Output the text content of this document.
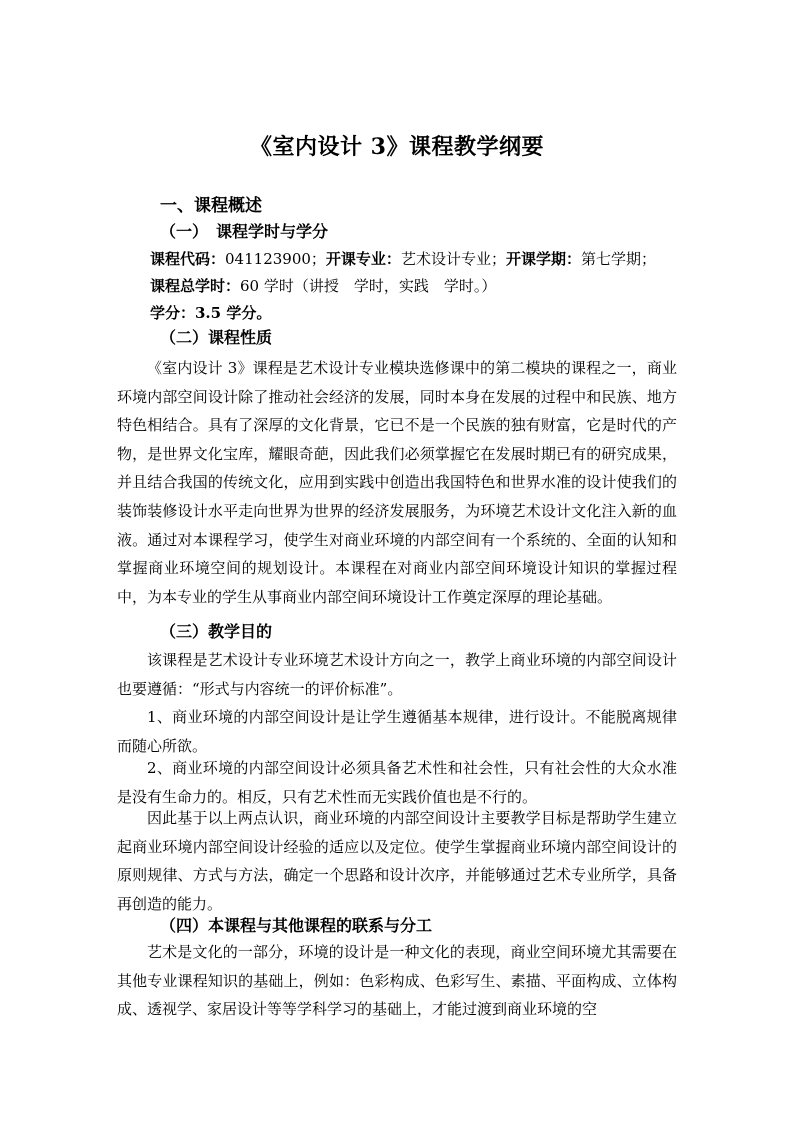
《室内设计 3》课程教学纲要
一、课程概述
（一）　课程学时与学分
课程代码：041123900；开课专业：艺术设计专业；开课学期：第七学期；
课程总学时：60 学时（讲授　学时，实践　学时。）
学分：3.5 学分。
（二）课程性质

《室内设计 3》课程是艺术设计专业模块选修课中的第二模块的课程之一，商业环境内部空间设计除了推动社会经济的发展，同时本身在发展的过程中和民族、地方特色相结合。具有了深厚的文化背景，它已不是一个民族的独有财富，它是时代的产物，是世界文化宝库，耀眼奇葩，因此我们必须掌握它在发展时期已有的研究成果，并且结合我国的传统文化，应用到实践中创造出我国特色和世界水准的设计使我们的装饰装修设计水平走向世界为世界的经济发展服务，为环境艺术设计文化注入新的血液。通过对本课程学习，使学生对商业环境的内部空间有一个系统的、全面的认知和掌握商业环境空间的规划设计。本课程在对商业内部空间环境设计知识的掌握过程中，为本专业的学生从事商业内部空间环境设计工作奠定深厚的理论基础。

（三）教学目的

该课程是艺术设计专业环境艺术设计方向之一，教学上商业环境的内部空间设计也要遵循：“形式与内容统一的评价标准”。

1、商业环境的内部空间设计是让学生遵循基本规律，进行设计。不能脱离规律而随心所欲。

2、商业环境的内部空间设计必须具备艺术性和社会性，只有社会性的大众水准是没有生命力的。相反，只有艺术性而无实践价值也是不行的。

因此基于以上两点认识，商业环境的内部空间设计主要教学目标是帮助学生建立起商业环境内部空间设计经验的适应以及定位。使学生掌握商业环境内部空间设计的原则规律、方式与方法，确定一个思路和设计次序，并能够通过艺术专业所学，具备再创造的能力。

（四）本课程与其他课程的联系与分工

艺术是文化的一部分，环境的设计是一种文化的表现，商业空间环境尤其需要在其他专业课程知识的基础上，例如：色彩构成、色彩写生、素描、平面构成、立体构成、透视学、家居设计等等学科学习的基础上，才能过渡到商业环境的空
